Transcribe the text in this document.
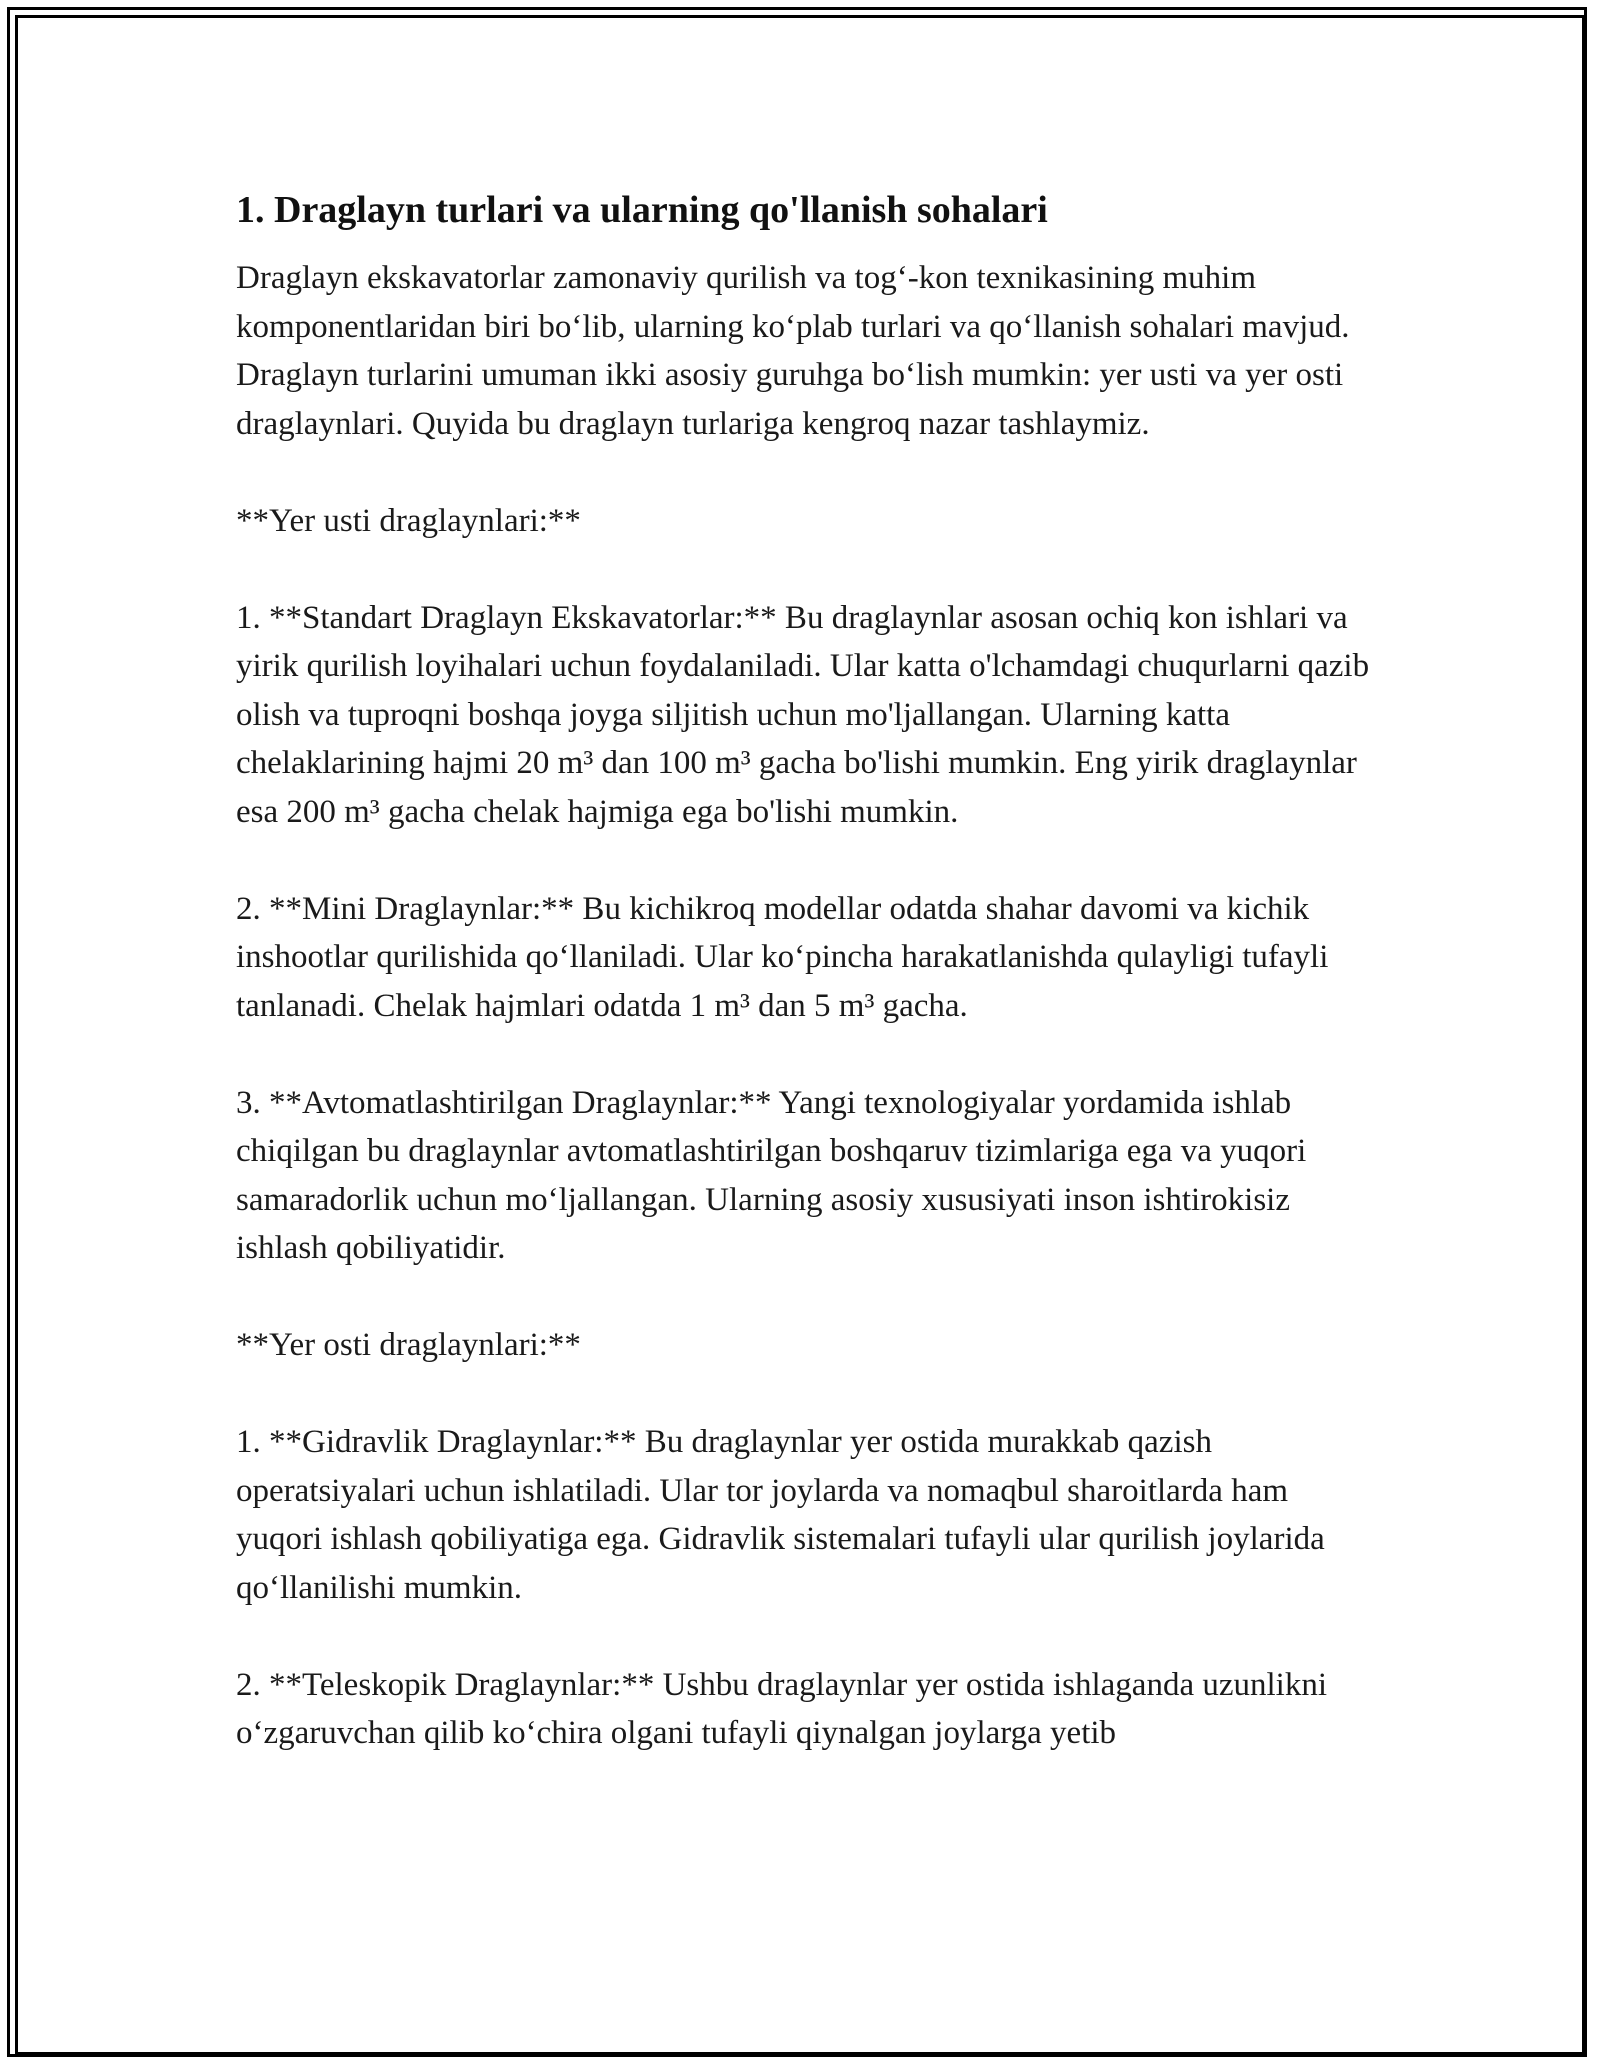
1. Draglayn turlari va ularning qo'llanish sohalari

Draglayn ekskavatorlar zamonaviy qurilish va tog‘-kon texnikasining muhim komponentlaridan biri bo‘lib, ularning ko‘plab turlari va qo‘llanish sohalari mavjud. Draglayn turlarini umuman ikki asosiy guruhga bo‘lish mumkin: yer usti va yer osti draglaynlari. Quyida bu draglayn turlariga kengroq nazar tashlaymiz.

**Yer usti draglaynlari:**

1. **Standart Draglayn Ekskavatorlar:** Bu draglaynlar asosan ochiq kon ishlari va yirik qurilish loyihalari uchun foydalaniladi. Ular katta o'lchamdagi chuqurlarni qazib olish va tuproqni boshqa joyga siljitish uchun mo'ljallangan. Ularning katta chelaklarining hajmi 20 m³ dan 100 m³ gacha bo'lishi mumkin. Eng yirik draglaynlar esa 200 m³ gacha chelak hajmiga ega bo'lishi mumkin.

2. **Mini Draglaynlar:** Bu kichikroq modellar odatda shahar davomi va kichik inshootlar qurilishida qo‘llaniladi. Ular ko‘pincha harakatlanishda qulayligi tufayli tanlanadi. Chelak hajmlari odatda 1 m³ dan 5 m³ gacha.

3. **Avtomatlashtirilgan Draglaynlar:** Yangi texnologiyalar yordamida ishlab chiqilgan bu draglaynlar avtomatlashtirilgan boshqaruv tizimlariga ega va yuqori samaradorlik uchun mo‘ljallangan. Ularning asosiy xususiyati inson ishtirokisiz ishlash qobiliyatidir.

**Yer osti draglaynlari:**

1. **Gidravlik Draglaynlar:** Bu draglaynlar yer ostida murakkab qazish operatsiyalari uchun ishlatiladi. Ular tor joylarda va nomaqbul sharoitlarda ham yuqori ishlash qobiliyatiga ega. Gidravlik sistemalari tufayli ular qurilish joylarida qo‘llanilishi mumkin.

2. **Teleskopik Draglaynlar:** Ushbu draglaynlar yer ostida ishlaganda uzunlikni o‘zgaruvchan qilib ko‘chira olgani tufayli qiynalgan joylarga yetib
